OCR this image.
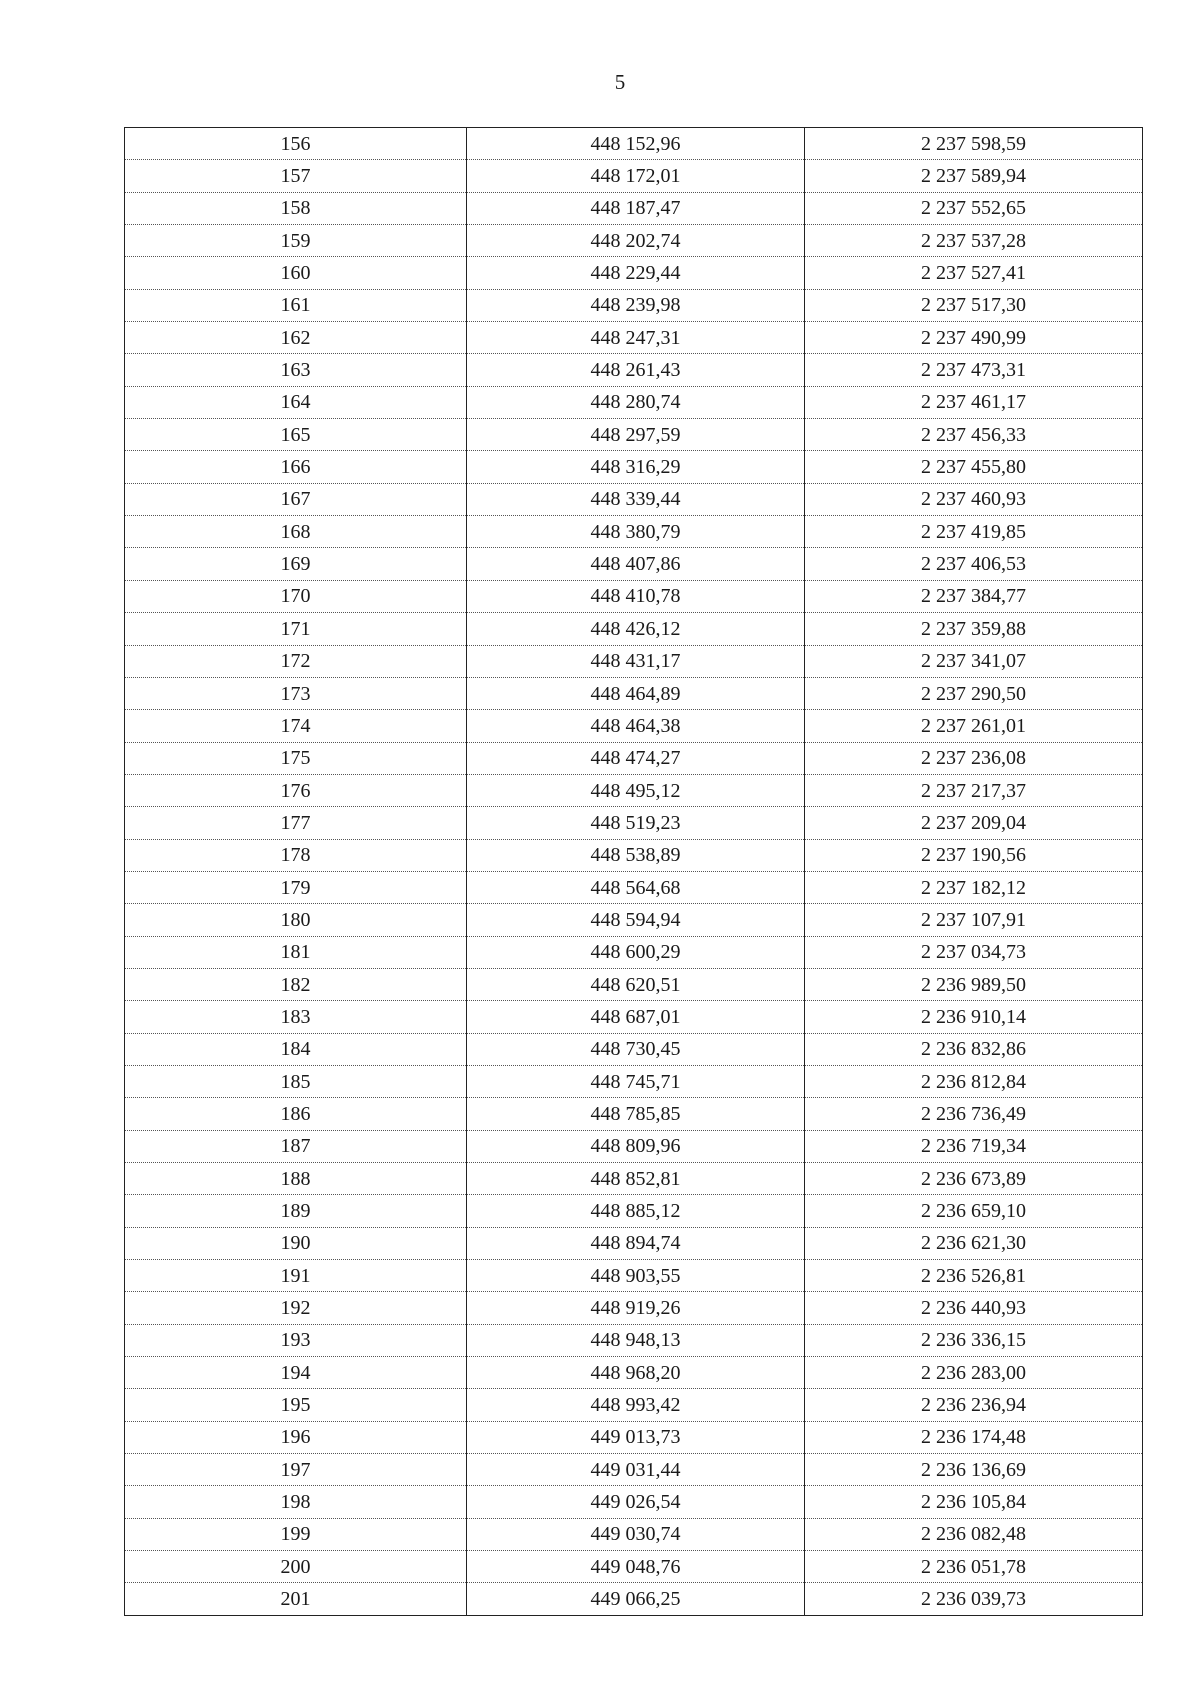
5
156	448 152,96	2 237 598,59
157	448 172,01	2 237 589,94
158	448 187,47	2 237 552,65
159	448 202,74	2 237 537,28
160	448 229,44	2 237 527,41
161	448 239,98	2 237 517,30
162	448 247,31	2 237 490,99
163	448 261,43	2 237 473,31
164	448 280,74	2 237 461,17
165	448 297,59	2 237 456,33
166	448 316,29	2 237 455,80
167	448 339,44	2 237 460,93
168	448 380,79	2 237 419,85
169	448 407,86	2 237 406,53
170	448 410,78	2 237 384,77
171	448 426,12	2 237 359,88
172	448 431,17	2 237 341,07
173	448 464,89	2 237 290,50
174	448 464,38	2 237 261,01
175	448 474,27	2 237 236,08
176	448 495,12	2 237 217,37
177	448 519,23	2 237 209,04
178	448 538,89	2 237 190,56
179	448 564,68	2 237 182,12
180	448 594,94	2 237 107,91
181	448 600,29	2 237 034,73
182	448 620,51	2 236 989,50
183	448 687,01	2 236 910,14
184	448 730,45	2 236 832,86
185	448 745,71	2 236 812,84
186	448 785,85	2 236 736,49
187	448 809,96	2 236 719,34
188	448 852,81	2 236 673,89
189	448 885,12	2 236 659,10
190	448 894,74	2 236 621,30
191	448 903,55	2 236 526,81
192	448 919,26	2 236 440,93
193	448 948,13	2 236 336,15
194	448 968,20	2 236 283,00
195	448 993,42	2 236 236,94
196	449 013,73	2 236 174,48
197	449 031,44	2 236 136,69
198	449 026,54	2 236 105,84
199	449 030,74	2 236 082,48
200	449 048,76	2 236 051,78
201	449 066,25	2 236 039,73
